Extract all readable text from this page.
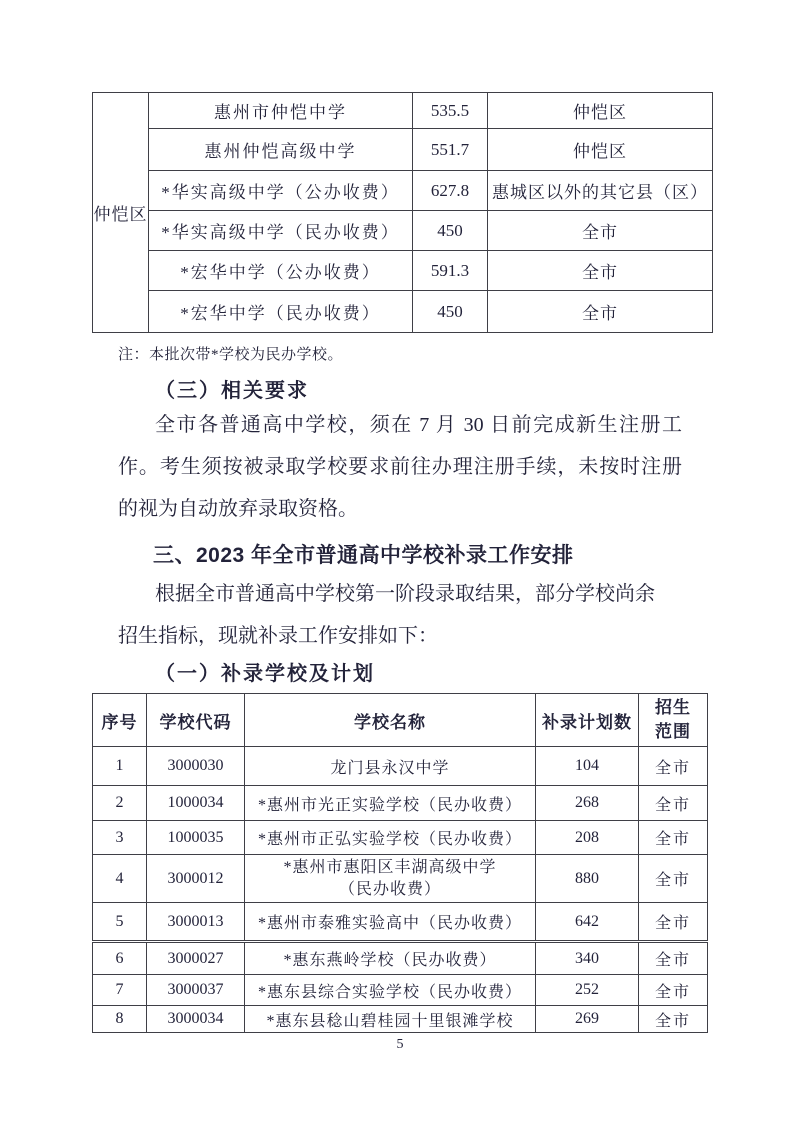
仲恺区	惠州市仲恺中学	535.5	仲恺区
	惠州仲恺高级中学	551.7	仲恺区
	*华实高级中学（公办收费）	627.8	惠城区以外的其它县（区）
	*华实高级中学（民办收费）	450	全市
	*宏华中学（公办收费）	591.3	全市
	*宏华中学（民办收费）	450	全市
注：本批次带*学校为民办学校。
（三）相关要求
全市各普通高中学校，须在 7 月 30 日前完成新生注册工
作。考生须按被录取学校要求前往办理注册手续，未按时注册
的视为自动放弃录取资格。
三、2023 年全市普通高中学校补录工作安排
根据全市普通高中学校第一阶段录取结果，部分学校尚余
招生指标，现就补录工作安排如下：
（一）补录学校及计划
序号	学校代码	学校名称	补录计划数	招生范围

1	3000030	龙门县永汉中学	104	全市
2	1000034	*惠州市光正实验学校（民办收费）	268	全市
3	1000035	*惠州市正弘实验学校（民办收费）	208	全市
4	3000012	*惠州市惠阳区丰湖高级中学
（民办收费）	880	全市
5	3000013	*惠州市泰雅实验高中（民办收费）	642	全市
6	3000027	*惠东燕岭学校（民办收费）	340	全市
7	3000037	*惠东县综合实验学校（民办收费）	252	全市
8	3000034	*惠东县稔山碧桂园十里银滩学校	269	全市
5
